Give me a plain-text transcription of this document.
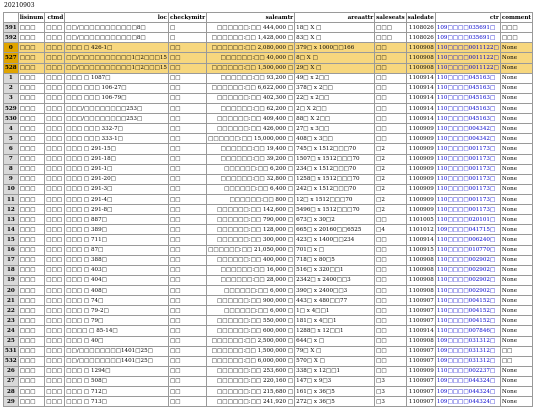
20210903
	lisinum	ctmd	loc	checkymitr	saleamtr	areaattr	saleseats	saledate	ctr	comment
591	□□□	□□□	□□/□□□□□□□□□□□8□	□	□□□□□□:□□ 444,000 □	18□ X □	□□□	1108026	109□□□□035691□	□□□
592	□□□	□□□	□□/□□□□□□□□□□□8□	□	□□□□□□:□□ 1,428,000 □	83□ X □	□□□	1108026	109□□□□035691□	□□□
0	□□□	□□□	□□□ □ 426-1□	□□	□□□□□□:□□ 2,080,000 □	379□ x 1000□□166	□□	1100908	110□□□□0011122□	None
527	□□□	□□□	□□/□□□□□□□□□□1□2□□□15	□□	□□□□□□:□□ 40,000 □	8□ X □	□□	1100908	110□□□□0011122□	None
528	□□□	□□□	□□/□□□□□□□□□□1□2□□□15	□□	□□□□□□:□□ 1,500,000 □	29□ X □	□□	1100908	110□□□□0011122□	None
1	□□□	□□□	□□□ □ 1087□	□□	□□□□□□:□□ 93,200 □	49□ x 2□□	□□	1100914	110□□□□045163□	None
2	□□□	□□□	□□□ □□□ 106-27□	□□	□□□□□□:□□ 6,622,000 □	378□ x 2□□	□□	1100914	110□□□□045163□	None
3	□□□	□□□	□□□ □□□ 106-79□	□□	□□□□□□:□□ 402,300 □	22□ x 2□□	□□	1100914	110□□□□045163□	None
529	□□□	□□□	□□□/□□□□□□□□253□	□□	□□□□□□:□□ 62,200 □	2□ X 2□□	□□	1100914	110□□□□045163□	None
530	□□□	□□□	□□□/□□□□□□□□253□	□□	□□□□□□:□□ 409,400 □	88□ X 2□□	□□	1100914	110□□□□045163□	None
4	□□□	□□□	□□□ □□□ 332-7□	□□	□□□□□□:□□ 426,000 □	27□ x 3□□	□□	1100909	110□□□□004342□	None
5	□□□	□□□	□□□ □□□ 333-1□	□□	□□□□□□:□□ 15,000,000 □	408□ x 3□□	□□	1100909	110□□□□004342□	None
6	□□□	□□□	□□□ □ 291-15□	□□	□□□□□□:□□ 19,400 □	745□ x 1512□□□70	□2	1100909	110□□□□001173□	None
7	□□□	□□□	□□□ □ 291-18□	□□	□□□□□□:□□ 39,200 □	1507□ x 1512□□□70	□2	1100909	110□□□□001173□	None
8	□□□	□□□	□□□ □ 291-1□	□□	□□□□□□:□□ 6,200 □	234□ x 1512□□□70	□2	1100909	110□□□□001173□	None
9	□□□	□□□	□□□ □ 291-20□	□□	□□□□□□:□□ 32,800 □	1258□ x 1512□□□70	□2	1100909	110□□□□001173□	None
10	□□□	□□□	□□□ □ 291-3□	□□	□□□□□□:□□ 6,400 □	242□ x 1512□□□70	□2	1100909	110□□□□001173□	None
11	□□□	□□□	□□□ □ 291-4□	□□	□□□□□□:□□ 800 □	12□ x 1512□□□70	□2	1100909	110□□□□001173□	None
12	□□□	□□□	□□□ □ 291-8□	□□	□□□□□□:□□ 142,600 □	5496□ x 1512□□□70	□2	1100909	110□□□□001173□	None
13	□□□	□□□	□□□ □ 887□	□□	□□□□□□:□□ 790,000 □	673□ x 30□2	□□	1101005	110□□□□020101□	None
14	□□□	□□□	□□□ □ 389□	□□	□□□□□□:□□ 128,000 □	665□ x 20160□□6525	□4	1101012	109□□□□041715□	None
15	□□□	□□□	□□□ □ 711□	□□	□□□□□□:□□ 300,000 □	423□ x 1400□□234	□□	1100914	110□□□□006240□	None
16	□□□	□□□	□□□ □ 87□	□□	□□□□□□:□□ 21,050,000 □	701□ x □	□□	1100915	110□□□□010770□	None
17	□□□	□□□	□□□ □ 388□	□□	□□□□□□:□□ 400,000 □	718□ x 80□5	□□	1100908	110□□□□002902□	None
18	□□□	□□□	□□□ □ 403□	□□	□□□□□□:□□ 16,000 □	516□ x 320□□1	□□	1100908	110□□□□002902□	None
19	□□□	□□□	□□□ □ 404□	□□	□□□□□□:□□ 28,000 □	2342□ x 2400□□3	□□	1100908	110□□□□002902□	None
20	□□□	□□□	□□□ □ 408□	□□	□□□□□□:□□ 6,000 □	390□ x 2400□□3	□□	1100908	110□□□□002902□	None
21	□□□	□□□	□□□ □ 74□	□□	□□□□□□:□□ 900,000 □	443□ x 480□□77	□□	1100907	110□□□□004152□	None
22	□□□	□□□	□□□ □ 79-2□	□□	□□□□□□:□□ 6,000 □	1□ x 4□□1	□□	1100907	110□□□□004152□	None
23	□□□	□□□	□□□ □ 79□	□□	□□□□□□:□□ 550,000 □	181□ x 4□□1	□□	1100907	110□□□□004152□	None
24	□□□	□□□	□□□□ □ 85-14□	□□	□□□□□□:□□ 600,000 □	1288□ x 12□□1	□□	1100914	110□□□□007846□	None
25	□□□	□□□	□□□ □ 40□	□□	□□□□□□:□□ 2,500,000 □	644□ x □	□□	1100908	109□□□□031312□	None
531	□□□	□□□	□□/□□□□□□□□1401□25□	□□	□□□□□□:□□ 1,500,000 □	79□ X □	□□	1100907	109□□□□031312□	□□
532	□□□	□□□	□□/□□□□□□□□1401□25□	□□	□□□□□□:□□ 6,000,000 □	570□ X □	□□	1100907	109□□□□031312□	□□
26	□□□	□□□	□□□ □ 1294□	□□	□□□□□□:□□ 253,600 □	338□ x 12□□1	□□	1100909	110□□□□002237□	None
27	□□□	□□□	□□□ □ 508□	□□	□□□□□□:□□ 220,160 □	147□ x 9□3	□3	1100907	109□□□□044324□	None
28	□□□	□□□	□□□ □ 712□	□□	□□□□□□:□□ 215,680 □	161□ x 36□5	□3	1100907	109□□□□044324□	None
29	□□□	□□□	□□□ □ 713□	□□	□□□□□□:□□ 241,920 □	272□ x 36□5	□3	1100907	109□□□□044324□	None
